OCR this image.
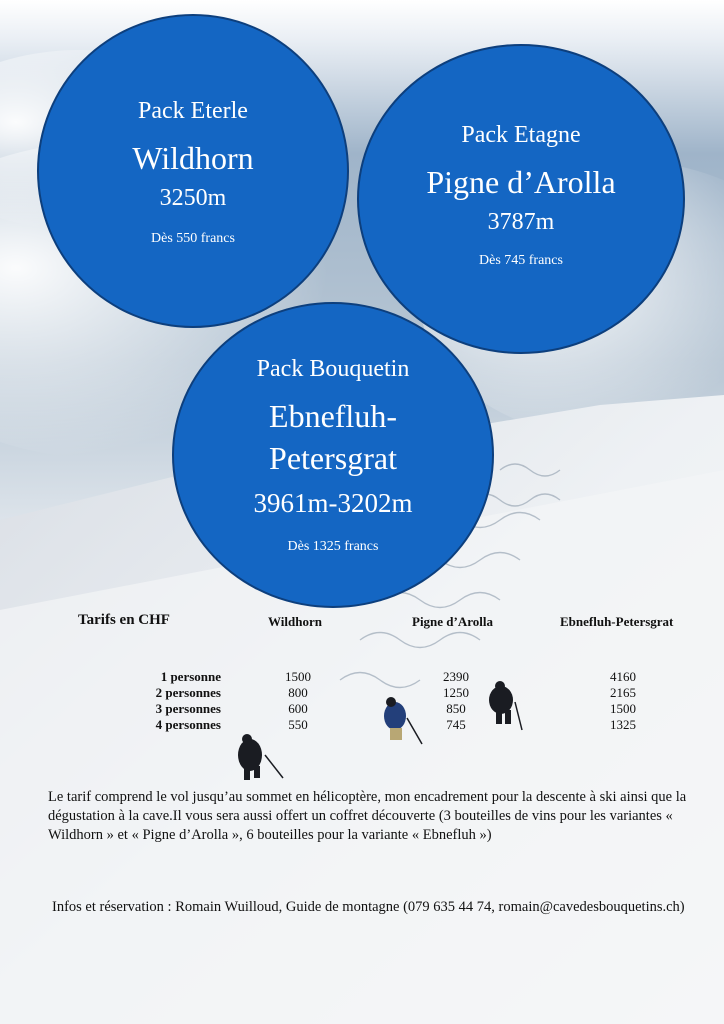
Pack Eterle
Wildhorn
3250m
Dès 550 francs
Pack Etagne
Pigne d’Arolla
3787m
Dès 745 francs
Pack Bouquetin
Ebnefluh-
Petersgrat
3961m-3202m
Dès 1325 francs
Tarifs en CHF	Wildhorn	Pigne d’Arolla	Ebnefluh-Petersgrat
1 personne	1500	2390	4160
2 personnes	800	1250	2165
3 personnes	600	850	1500
4 personnes	550	745	1325
Le tarif comprend le vol jusqu’au sommet en hélicoptère, mon encadrement pour la descente à ski ainsi que la dégustation à la cave.Il vous sera aussi offert un coffret découverte (3 bouteilles de vins pour les variantes « Wildhorn » et « Pigne d’Arolla », 6 bouteilles pour la variante « Ebnefluh »)
Infos et réservation : Romain Wuilloud, Guide de montagne (079 635 44 74, romain@cavedesbouquetins.ch)
